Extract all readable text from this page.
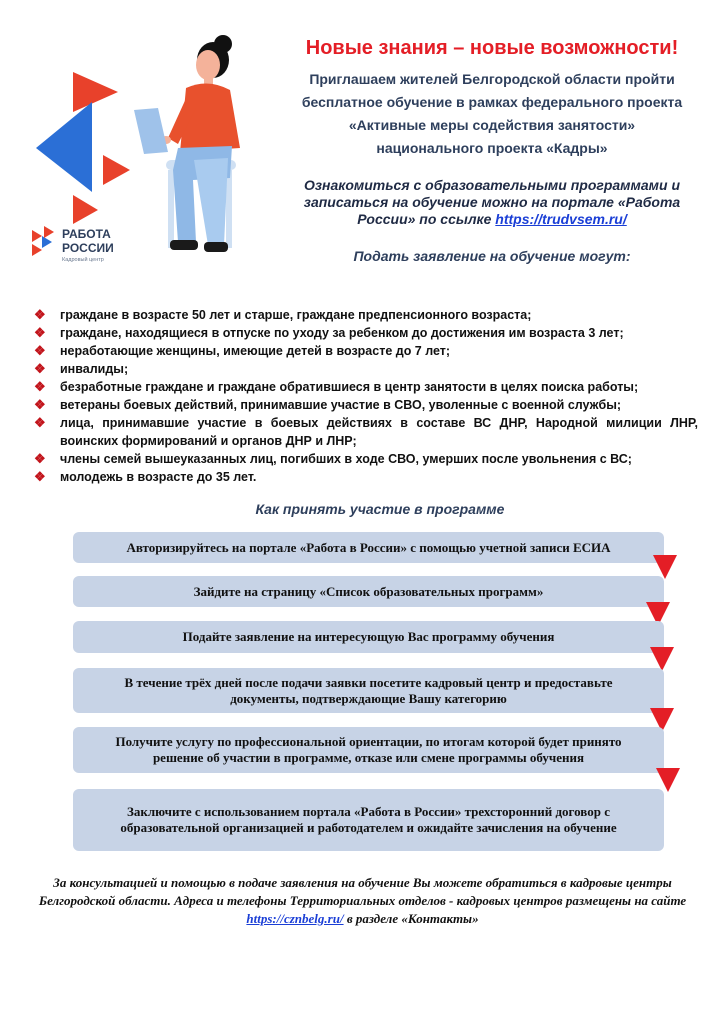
РАБОТА
РОССИИ
Кадровый центр
Новые знания – новые возможности!
Приглашаем жителей Белгородской области пройти
бесплатное обучение в рамках федерального проекта
«Активные меры содействия занятости»
национального проекта «Кадры»
Ознакомиться с образовательными программами и записаться на обучение можно на портале «Работа России» по ссылке https://trudvsem.ru/
Подать заявление на обучение могут:
❖ граждане в возрасте 50 лет и старше, граждане предпенсионного возраста;
❖ граждане, находящиеся в отпуске по уходу за ребенком до достижения им возраста 3 лет;
❖ неработающие женщины, имеющие детей в возрасте до 7 лет;
❖ инвалиды;
❖ безработные граждане и граждане обратившиеся в центр занятости в целях поиска работы;
❖ ветераны боевых действий, принимавшие участие в СВО, уволенные с военной службы;
❖ лица, принимавшие участие в боевых действиях в составе ВС ДНР, Народной милиции ЛНР, воинских формирований и органов ДНР и ЛНР;
❖ члены семей вышеуказанных лиц, погибших в ходе СВО, умерших после увольнения с ВС;
❖ молодежь в возрасте до 35 лет.
Как принять участие в программе
Авторизируйтесь на портале «Работа в России» с помощью учетной записи ЕСИА
Зайдите на страницу «Список образовательных программ»
Подайте заявление на интересующую Вас программу обучения
В течение трёх дней после подачи заявки посетите кадровый центр и предоставьте документы, подтверждающие Вашу категорию
Получите услугу по профессиональной ориентации, по итогам которой будет принято решение об участии в программе, отказе или смене программы обучения
Заключите с использованием портала «Работа в России» трехсторонний договор с образовательной организацией и работодателем и ожидайте зачисления на обучение
За консультацией и помощью в подаче заявления на обучение Вы можете обратиться в кадровые центры Белгородской области. Адреса и телефоны Территориальных отделов - кадровых центров размещены на сайте https://cznbelg.ru/ в разделе «Контакты»
